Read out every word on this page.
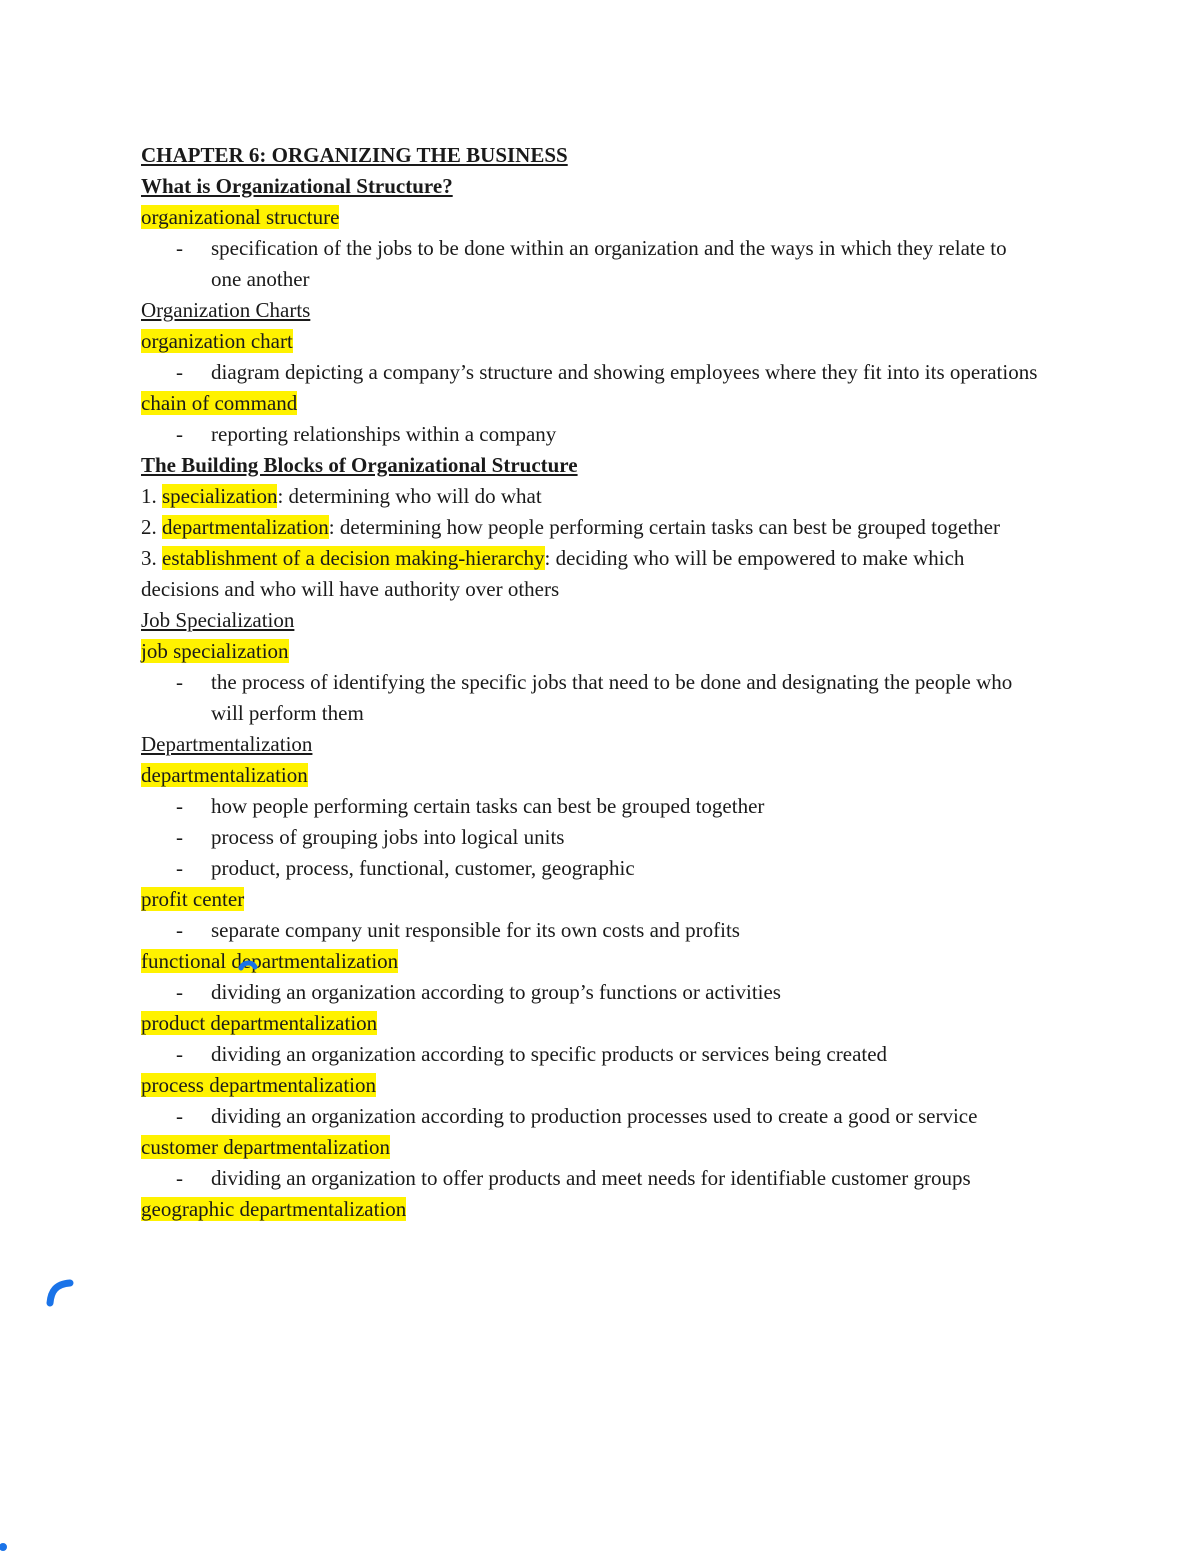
CHAPTER 6: ORGANIZING THE BUSINESS
What is Organizational Structure?
organizational structure
-	specification of the jobs to be done within an organization and the ways in which they relate to one another
Organization Charts
organization chart
-	diagram depicting a company’s structure and showing employees where they fit into its operations
chain of command
-	reporting relationships within a company
The Building Blocks of Organizational Structure
1. specialization: determining who will do what
2. departmentalization: determining how people performing certain tasks can best be grouped together
3. establishment of a decision making-hierarchy: deciding who will be empowered to make which decisions and who will have authority over others
Job Specialization
job specialization
-	the process of identifying the specific jobs that need to be done and designating the people who will perform them
Departmentalization
departmentalization
-	how people performing certain tasks can best be grouped together
-	process of grouping jobs into logical units
-	product, process, functional, customer, geographic
profit center
-	separate company unit responsible for its own costs and profits
functional departmentalization
-	dividing an organization according to group’s functions or activities
product departmentalization
-	dividing an organization according to specific products or services being created
process departmentalization
-	dividing an organization according to production processes used to create a good or service
customer departmentalization
-	dividing an organization to offer products and meet needs for identifiable customer groups
geographic departmentalization
